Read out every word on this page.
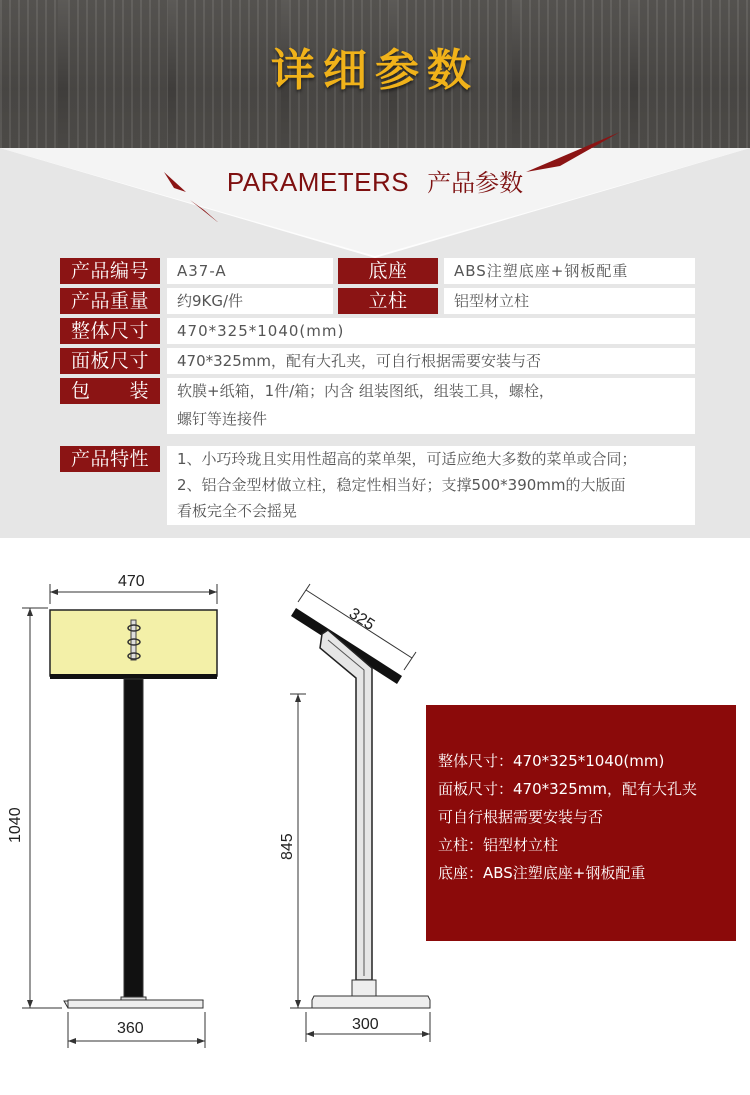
详细参数
PARAMETERS 产品参数
产品编号	A37-A	底座	ABS注塑底座+钢板配重
产品重量	约9KG/件	立柱	铝型材立柱
整体尺寸	470*325*1040(mm)
面板尺寸	470*325mm，配有大孔夹，可自行根据需要安装与否
包　　装	软膜+纸箱，1件/箱；内含 组装图纸，组装工具，螺栓，
螺钉等连接件
产品特性	1、小巧玲珑且实用性超高的菜单架，可适应绝大多数的菜单或合同；
2、铝合金型材做立柱，稳定性相当好；支撑500*390mm的大版面
看板完全不会摇晃
470
1040
360
325
845
300
整体尺寸：470*325*1040(mm)
面板尺寸：470*325mm，配有大孔夹
可自行根据需要安装与否
立柱：铝型材立柱
底座：ABS注塑底座+钢板配重
